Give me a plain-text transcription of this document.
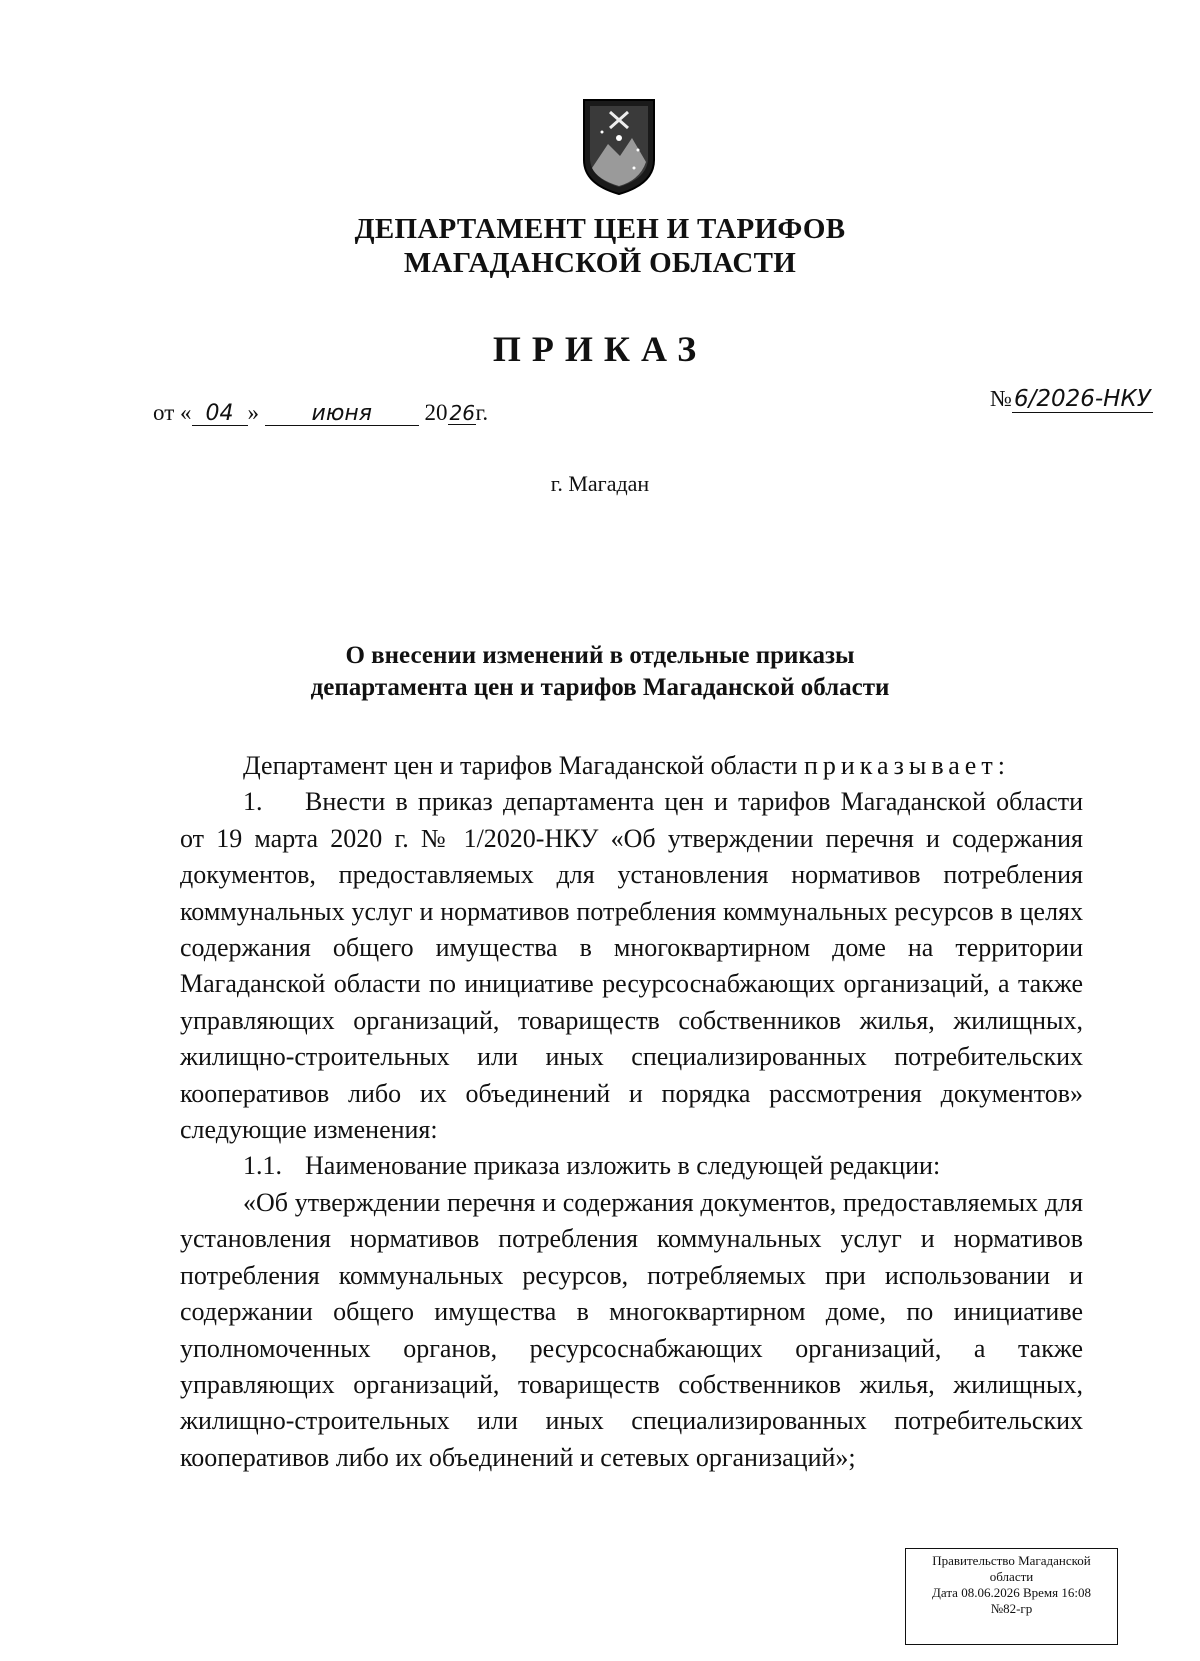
ДЕПАРТАМЕНТ ЦЕН И ТАРИФОВ
МАГАДАНСКОЙ ОБЛАСТИ
ПРИКАЗ
от « 04 » июня 20 26г.
№6/2026-НКУ
г. Магадан
О внесении изменений в отдельные приказы
департамента цен и тарифов Магаданской области

Департамент цен и тарифов Магаданской области приказывает:

1. Внести в приказ департамента цен и тарифов Магаданской области от 19 марта 2020 г. № 1/2020-НКУ «Об утверждении перечня и содержания документов, предоставляемых для установления нормативов потребления коммунальных услуг и нормативов потребления коммунальных ресурсов в целях содержания общего имущества в многоквартирном доме на территории Магаданской области по инициативе ресурсоснабжающих организаций, а также управляющих организаций, товариществ собственников жилья, жилищных, жилищно-строительных или иных специализированных потребительских кооперативов либо их объединений и порядка рассмотрения документов» следующие изменения:

1.1. Наименование приказа изложить в следующей редакции:

«Об утверждении перечня и содержания документов, предоставляемых для установления нормативов потребления коммунальных услуг и нормативов потребления коммунальных ресурсов, потребляемых при использовании и содержании общего имущества в многоквартирном доме, по инициативе уполномоченных органов, ресурсоснабжающих организаций, а также управляющих организаций, товариществ собственников жилья, жилищных, жилищно-строительных или иных специализированных потребительских кооперативов либо их объединений и сетевых организаций»;

Правительство Магаданской
области
Дата 08.06.2026 Время 16:08
№82-гр
